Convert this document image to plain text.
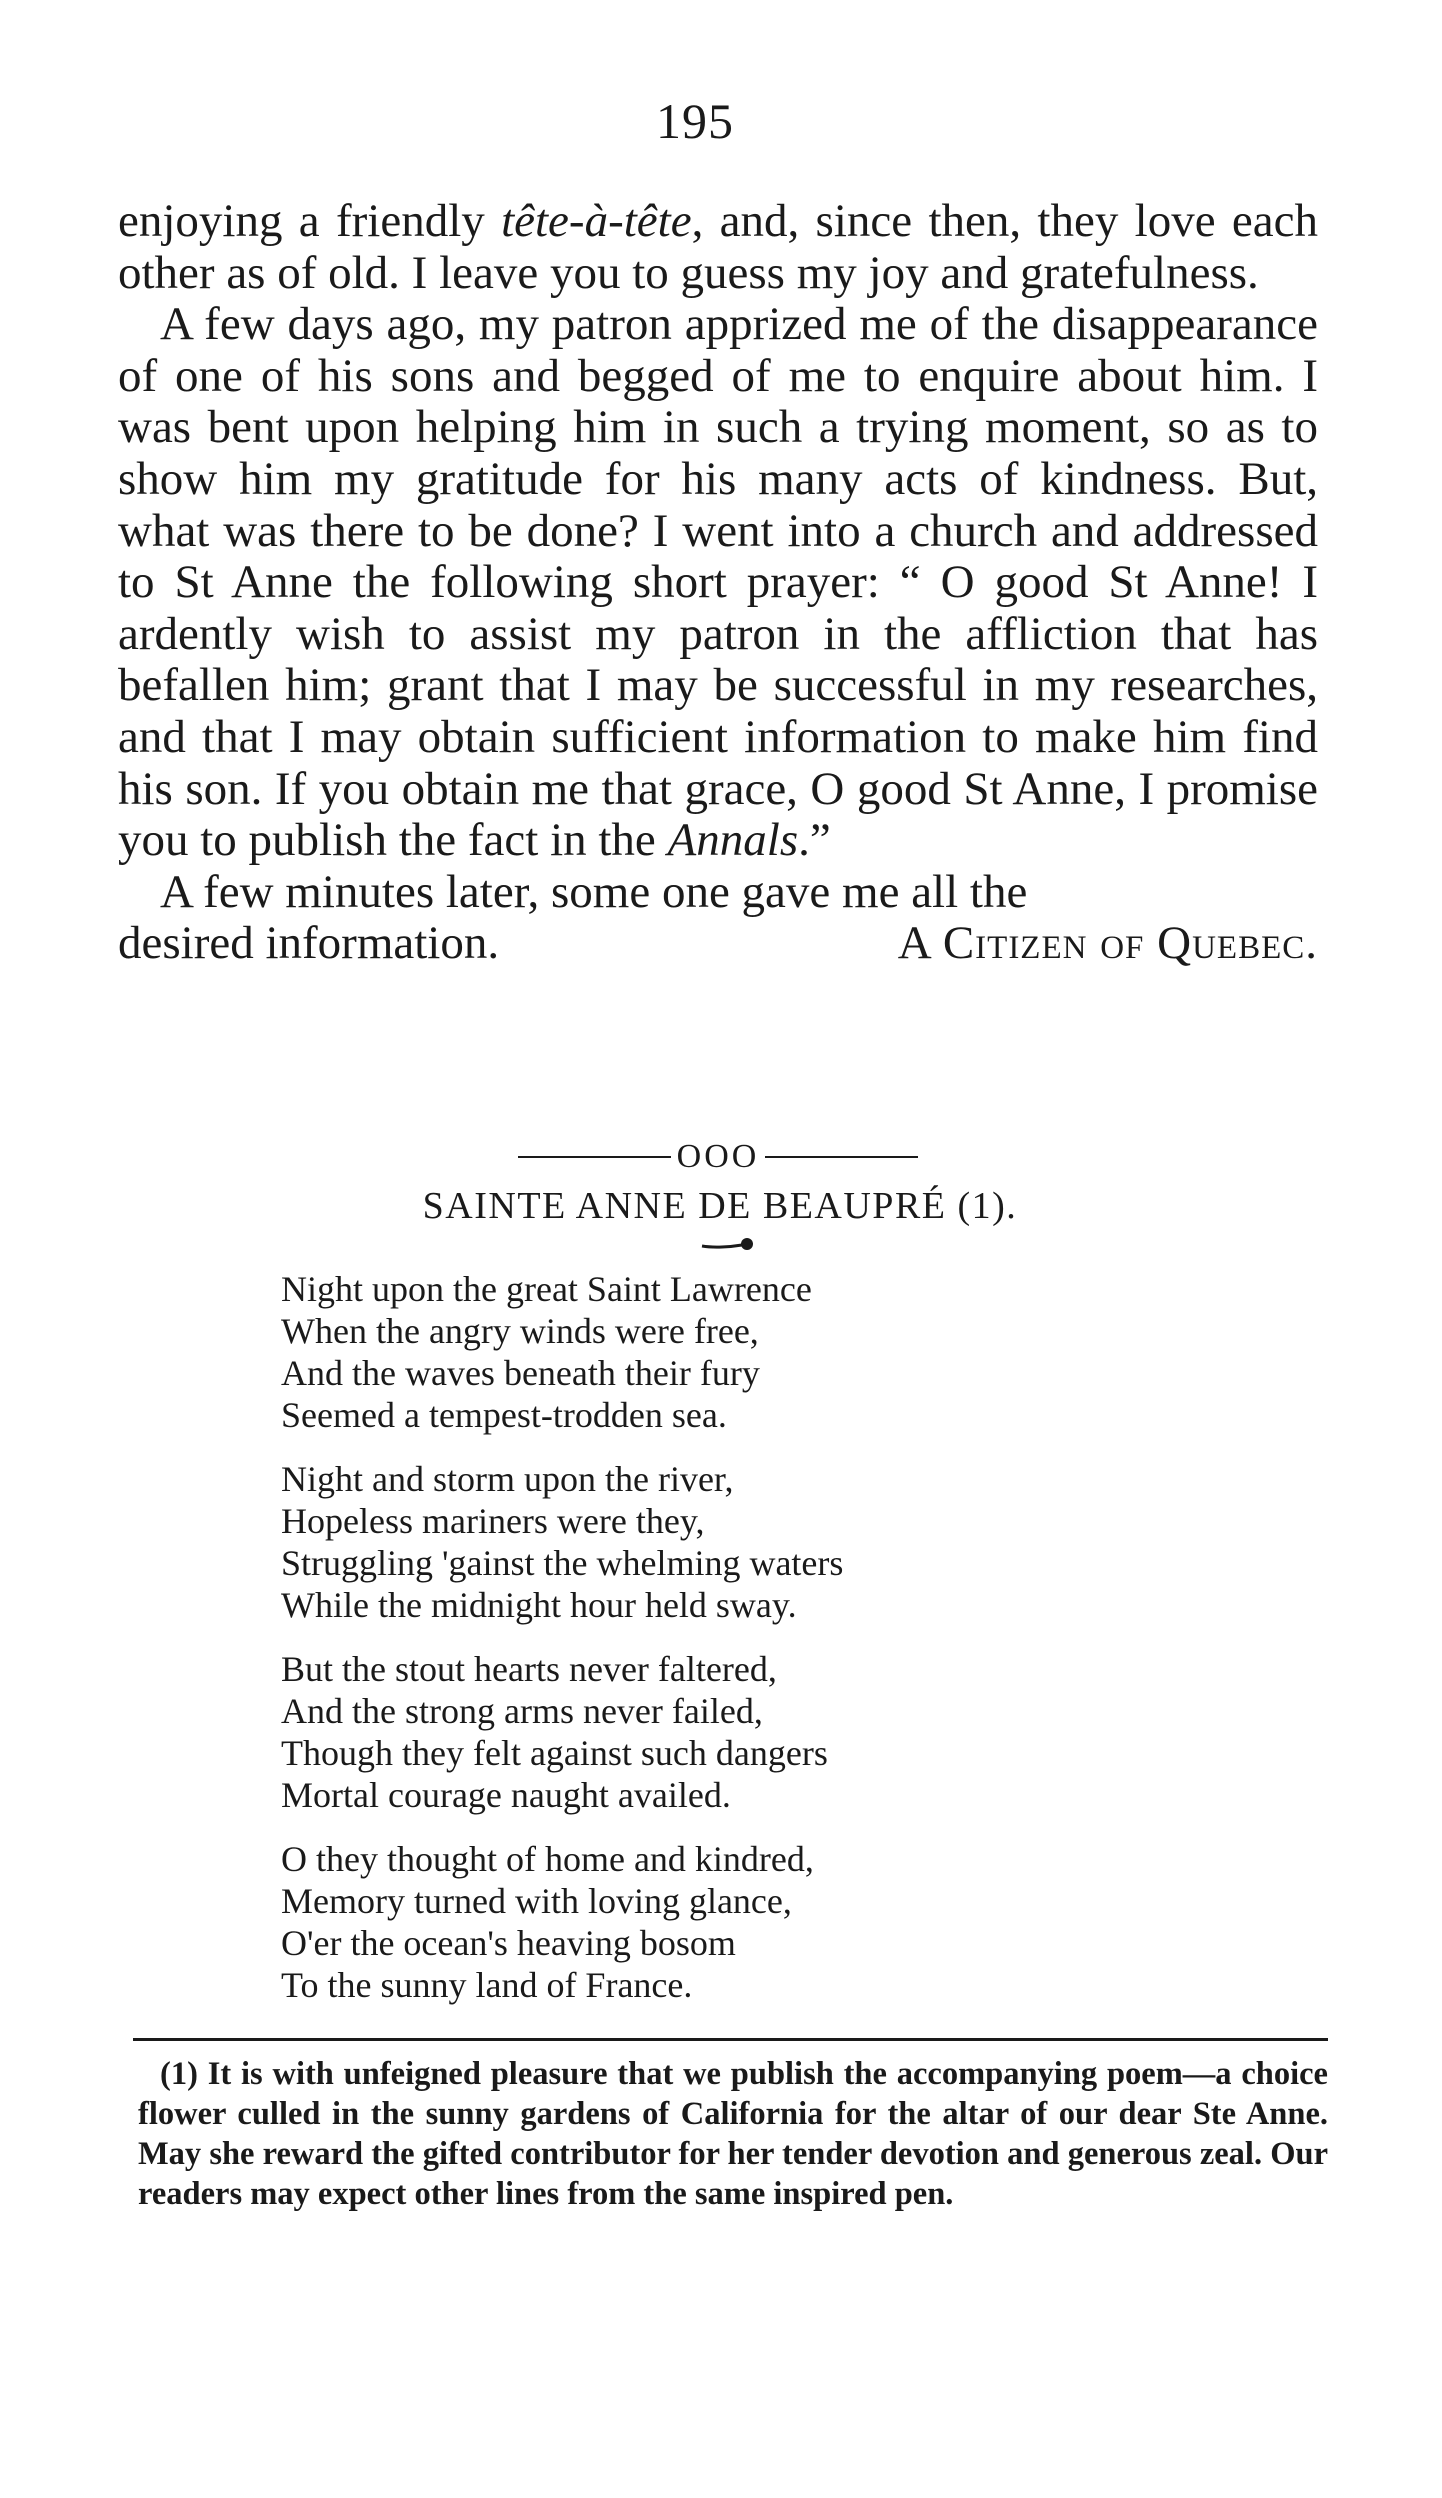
195

enjoying a friendly tête-à-tête, and, since then, they love each other as of old. I leave you to guess my joy and gratefulness.

A few days ago, my patron apprized me of the disappearance of one of his sons and begged of me to enquire about him. I was bent upon helping him in such a trying moment, so as to show him my gratitude for his many acts of kindness. But, what was there to be done? I went into a church and addressed to St Anne the following short prayer: “ O good St Anne! I ardently wish to assist my patron in the affliction that has befallen him; grant that I may be successful in my researches, and that I may obtain sufficient information to make him find his son. If you obtain me that grace, O good St Anne, I promise you to publish the fact in the Annals.”

A few minutes later, some one gave me all the

desired information.	A Citizen of Quebec.
OOO
SAINTE ANNE DE BEAUPRÉ (1).
Night upon the great Saint Lawrence
When the angry winds were free,
And the waves beneath their fury
Seemed a tempest-trodden sea.
Night and storm upon the river,
Hopeless mariners were they,
Struggling 'gainst the whelming waters
While the midnight hour held sway.
But the stout hearts never faltered,
And the strong arms never failed,
Though they felt against such dangers
Mortal courage naught availed.
O they thought of home and kindred,
Memory turned with loving glance,
O'er the ocean's heaving bosom
To the sunny land of France.

(1) It is with unfeigned pleasure that we publish the accompanying poem—a choice flower culled in the sunny gardens of California for the altar of our dear Ste Anne. May she reward the gifted contributor for her tender devotion and generous zeal. Our readers may expect other lines from the same inspired pen.
